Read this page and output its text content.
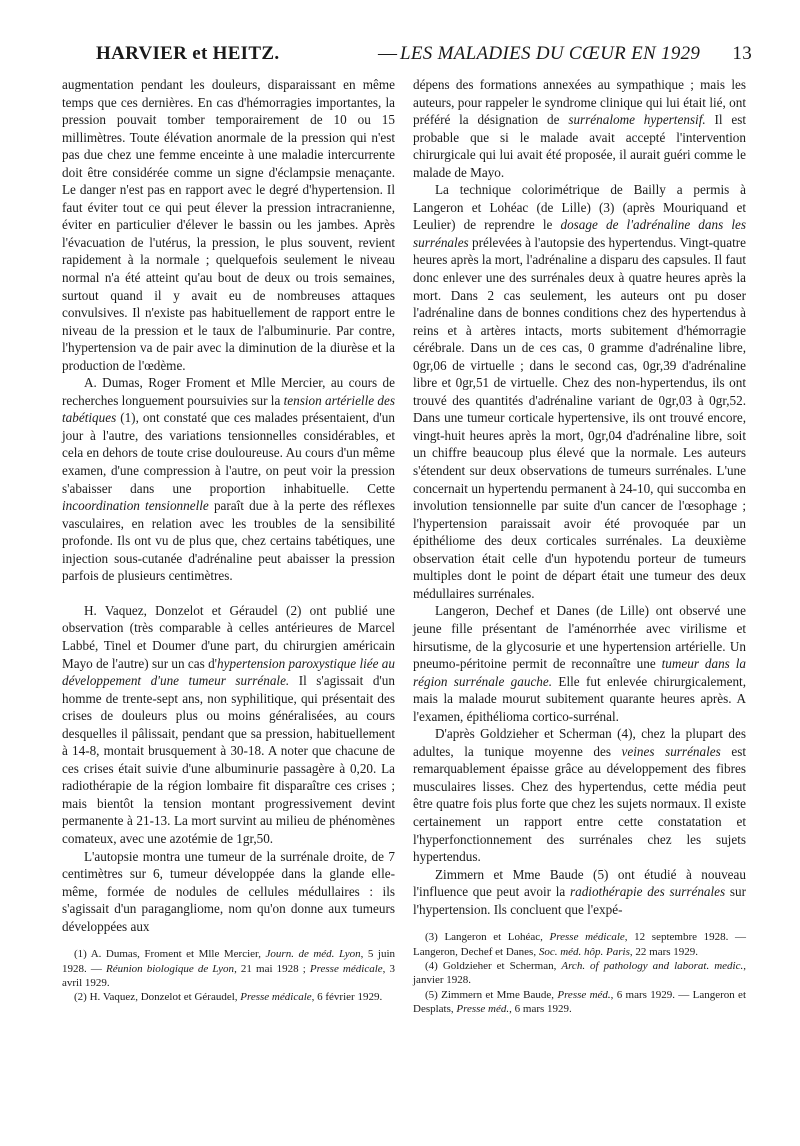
HARVIER et HEITZ.	— LES MALADIES DU CŒUR EN 1929 13

augmentation pendant les douleurs, disparaissant en même temps que ces dernières. En cas d'hémorragies importantes, la pression pouvait tomber temporairement de 10 ou 15 millimètres. Toute élévation anormale de la pression qui n'est pas due chez une femme enceinte à une maladie intercurrente doit être considérée comme un signe d'éclampsie menaçante. Le danger n'est pas en rapport avec le degré d'hypertension. Il faut éviter tout ce qui peut élever la pression intracranienne, éviter en particulier d'élever le bassin ou les jambes. Après l'évacuation de l'utérus, la pression, le plus souvent, revient rapidement à la normale ; quelquefois seulement le niveau normal n'a été atteint qu'au bout de deux ou trois semaines, surtout quand il y avait eu de nombreuses attaques convulsives. Il n'existe pas habituellement de rapport entre le niveau de la pression et le taux de l'albuminurie. Par contre, l'hypertension va de pair avec la diminution de la diurèse et la production de l'œdème.

A. Dumas, Roger Froment et Mlle Mercier, au cours de recherches longuement poursuivies sur la tension artérielle des tabétiques (1), ont constaté que ces malades présentaient, d'un jour à l'autre, des variations tensionnelles considérables, et cela en dehors de toute crise douloureuse. Au cours d'un même examen, d'une compression à l'autre, on peut voir la pression s'abaisser dans une proportion inhabituelle. Cette incoordination tensionnelle paraît due à la perte des réflexes vasculaires, en relation avec les troubles de la sensibilité profonde. Ils ont vu de plus que, chez certains tabétiques, une injection sous-cutanée d'adrénaline peut abaisser la pression parfois de plusieurs centimètres.

H. Vaquez, Donzelot et Géraudel (2) ont publié une observation (très comparable à celles antérieures de Marcel Labbé, Tinel et Doumer d'une part, du chirurgien américain Mayo de l'autre) sur un cas d'hypertension paroxystique liée au développement d'une tumeur surrénale. Il s'agissait d'un homme de trente-sept ans, non syphilitique, qui présentait des crises de douleurs plus ou moins généralisées, au cours desquelles il pâlissait, pendant que sa pression, habituellement à 14-8, montait brusquement à 30-18. A noter que chacune de ces crises était suivie d'une albuminurie passagère à 0,20. La radiothérapie de la région lombaire fit disparaître ces crises ; mais bientôt la tension montant progressivement devint permanente à 21-13. La mort survint au milieu de phénomènes comateux, avec une azotémie de 1gr,50.

L'autopsie montra une tumeur de la surrénale droite, de 7 centimètres sur 6, tumeur développée dans la glande elle-même, formée de nodules de cellules médullaires : ils s'agissait d'un paragangliome, nom qu'on donne aux tumeurs développées aux

(1) A. Dumas, Froment et Mlle Mercier, Journ. de méd. Lyon, 5 juin 1928. — Réunion biologique de Lyon, 21 mai 1928 ; Presse médicale, 3 avril 1929.
(2) H. Vaquez, Donzelot et Géraudel, Presse médicale, 6 février 1929.

dépens des formations annexées au sympathique ; mais les auteurs, pour rappeler le syndrome clinique qui lui était lié, ont préféré la désignation de surrénalome hypertensif. Il est probable que si le malade avait accepté l'intervention chirurgicale qui lui avait été proposée, il aurait guéri comme le malade de Mayo.

La technique colorimétrique de Bailly a permis à Langeron et Lohéac (de Lille) (3) (après Mouriquand et Leulier) de reprendre le dosage de l'adrénaline dans les surrénales prélevées à l'autopsie des hypertendus. Vingt-quatre heures après la mort, l'adrénaline a disparu des capsules. Il faut donc enlever une des surrénales deux à quatre heures après la mort. Dans 2 cas seulement, les auteurs ont pu doser l'adrénaline dans de bonnes conditions chez des hypertendus à reins et à artères intacts, morts subitement d'hémorragie cérébrale. Dans un de ces cas, 0 gramme d'adrénaline libre, 0gr,06 de virtuelle ; dans le second cas, 0gr,39 d'adrénaline libre et 0gr,51 de virtuelle. Chez des non-hypertendus, ils ont trouvé des quantités d'adrénaline variant de 0gr,03 à 0gr,52. Dans une tumeur corticale hypertensive, ils ont trouvé encore, vingt-huit heures après la mort, 0gr,04 d'adrénaline libre, soit un chiffre beaucoup plus élevé que la normale. Les auteurs s'étendent sur deux observations de tumeurs surrénales. L'une concernait un hypertendu permanent à 24-10, qui succomba en involution tensionnelle par suite d'un cancer de l'œsophage ; l'hypertension paraissait avoir été provoquée par un épithéliome des deux corticales surrénales. La deuxième observation était celle d'un hypotendu porteur de tumeurs multiples dont le point de départ était une tumeur des deux médullaires surrénales.

Langeron, Dechef et Danes (de Lille) ont observé une jeune fille présentant de l'aménorrhée avec virilisme et hirsutisme, de la glycosurie et une hypertension artérielle. Un pneumo-péritoine permit de reconnaître une tumeur dans la région surrénale gauche. Elle fut enlevée chirurgicalement, mais la malade mourut subitement quarante heures après. A l'examen, épithélioma cortico-surrénal.

D'après Goldzieher et Scherman (4), chez la plupart des adultes, la tunique moyenne des veines surrénales est remarquablement épaisse grâce au développement des fibres musculaires lisses. Chez des hypertendus, cette média peut être quatre fois plus forte que chez les sujets normaux. Il existe certainement un rapport entre cette constatation et l'hyperfonctionnement des surrénales chez les sujets hypertendus.

Zimmern et Mme Baude (5) ont étudié à nouveau l'influence que peut avoir la radiothérapie des surrénales sur l'hypertension. Ils concluent que l'expé-

(3) Langeron et Lohéac, Presse médicale, 12 septembre 1928. — Langeron, Dechef et Danes, Soc. méd. hôp. Paris, 22 mars 1929.
(4) Goldzieher et Scherman, Arch. of pathology and laborat. medic., janvier 1928.
(5) Zimmern et Mme Baude, Presse méd., 6 mars 1929. — Langeron et Desplats, Presse méd., 6 mars 1929.
